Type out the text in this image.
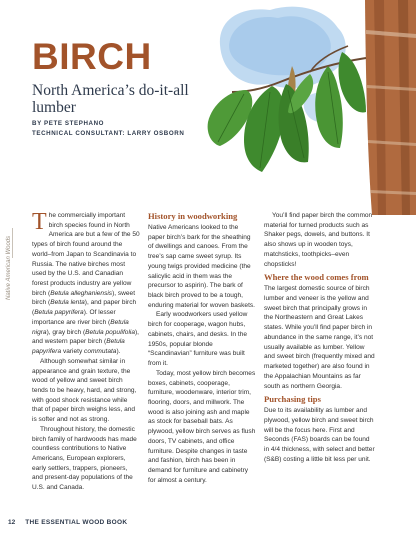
BIRCH
North America’s do-it-all lumber
BY PETE STEPHANO
TECHNICAL CONSULTANT: LARRY OSBORN
Native American Woods

The commercially important birch species found in North America are but a few of the 50 types of birch found around the world–from Japan to Scandinavia to Russia. The native birches most used by the U.S. and Canadian forest products industry are yellow birch (Betula alleghaniensis), sweet birch (Betula lenta), and paper birch (Betula papyrifera). Of lesser importance are river birch (Betula nigra), gray birch (Betula populifolia), and western paper birch (Betula papyrifera variety commutata).

Although somewhat similar in appearance and grain texture, the wood of yellow and sweet birch tends to be heavy, hard, and strong, with good shock resistance while that of paper birch weighs less, and is softer and not as strong.

Throughout history, the domestic birch family of hardwoods has made countless contributions to Native Americans, European explorers, early settlers, trappers, pioneers, and present-day populations of the U.S. and Canada.

History in woodworking

Native Americans looked to the paper birch’s bark for the sheathing of dwellings and canoes. From the tree’s sap came sweet syrup. Its young twigs provided medicine (the salicylic acid in them was the precursor to aspirin). The bark of black birch proved to be a tough, enduring material for woven baskets.

Early woodworkers used yellow birch for cooperage, wagon hubs, cabinets, chairs, and desks. In the 1950s, popular blonde “Scandinavian” furniture was built from it.

Today, most yellow birch becomes boxes, cabinets, cooperage, furniture, woodenware, interior trim, flooring, doors, and millwork. The wood is also joining ash and maple as stock for baseball bats. As plywood, yellow birch serves as flush doors, TV cabinets, and office furniture. Despite changes in taste and fashion, birch has been in demand for furniture and cabinetry for almost a century.

You’ll find paper birch the common material for turned products such as Shaker pegs, dowels, and buttons. It also shows up in wooden toys, matchsticks, toothpicks–even chopsticks!

Where the wood comes from

The largest domestic source of birch lumber and veneer is the yellow and sweet birch that principally grows in the Northeastern and Great Lakes states. While you’ll find paper birch in abundance in the same range, it’s not usually available as lumber. Yellow and sweet birch (frequently mixed and marketed together) are also found in the Appalachian Mountains as far south as northern Georgia.

Purchasing tips

Due to its availability as lumber and plywood, yellow birch and sweet birch will be the focus here. First and Seconds (FAS) boards can be found in 4/4 thickness, with select and better (S&B) costing a little bit less per unit.

12 THE ESSENTIAL WOOD BOOK
